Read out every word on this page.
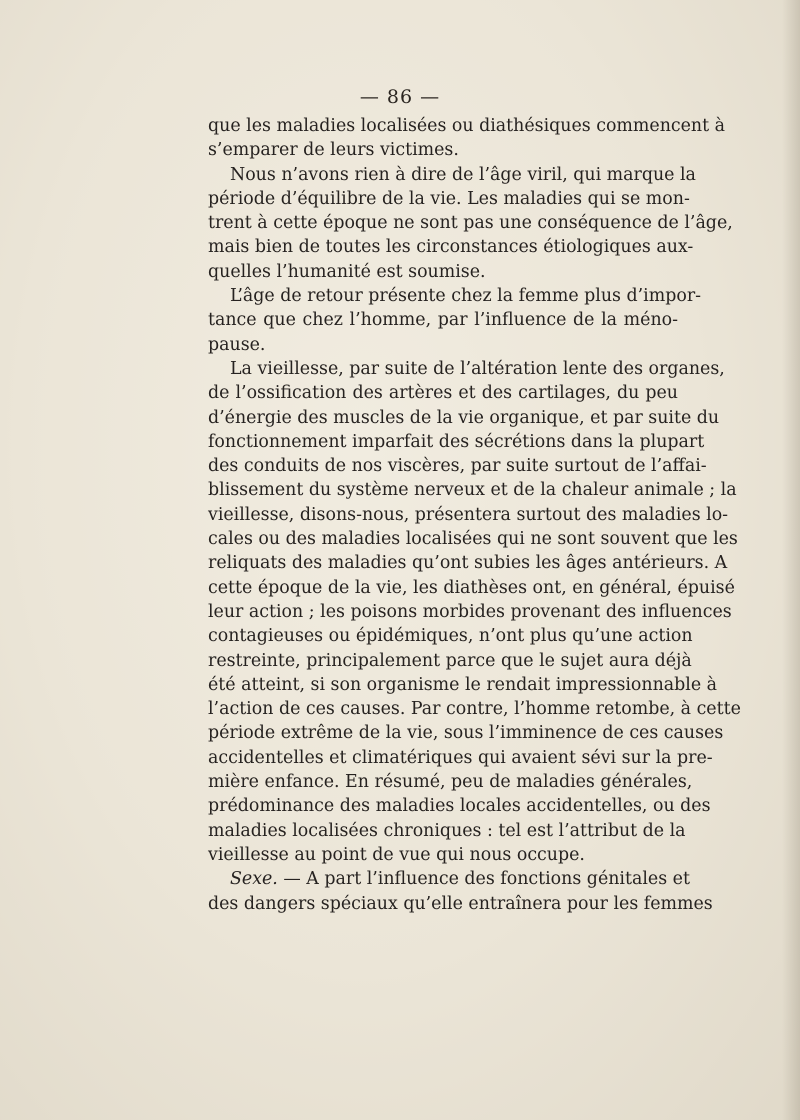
— 86 —
que les maladies localisées ou diathésiques commencent à
s’emparer de leurs victimes.
Nous n’avons rien à dire de l’âge viril, qui marque la
période d’équilibre de la vie. Les maladies qui se mon-
trent à cette époque ne sont pas une conséquence de l’âge,
mais bien de toutes les circonstances étiologiques aux-
quelles l’humanité est soumise.
L’âge de retour présente chez la femme plus d’impor-
tance que chez l’homme, par l’influence de la méno-
pause.
La vieillesse, par suite de l’altération lente des organes,
de l’ossification des artères et des cartilages, du peu
d’énergie des muscles de la vie organique, et par suite du
fonctionnement imparfait des sécrétions dans la plupart
des conduits de nos viscères, par suite surtout de l’affai-
blissement du système nerveux et de la chaleur animale ; la
vieillesse, disons-nous, présentera surtout des maladies lo-
cales ou des maladies localisées qui ne sont souvent que les
reliquats des maladies qu’ont subies les âges antérieurs. A
cette époque de la vie, les diathèses ont, en général, épuisé
leur action ; les poisons morbides provenant des influences
contagieuses ou épidémiques, n’ont plus qu’une action
restreinte, principalement parce que le sujet aura déjà
été atteint, si son organisme le rendait impressionnable à
l’action de ces causes. Par contre, l’homme retombe, à cette
période extrême de la vie, sous l’imminence de ces causes
accidentelles et climatériques qui avaient sévi sur la pre-
mière enfance. En résumé, peu de maladies générales,
prédominance des maladies locales accidentelles, ou des
maladies localisées chroniques : tel est l’attribut de la
vieillesse au point de vue qui nous occupe.
Sexe. — A part l’influence des fonctions génitales et
des dangers spéciaux qu’elle entraînera pour les femmes
